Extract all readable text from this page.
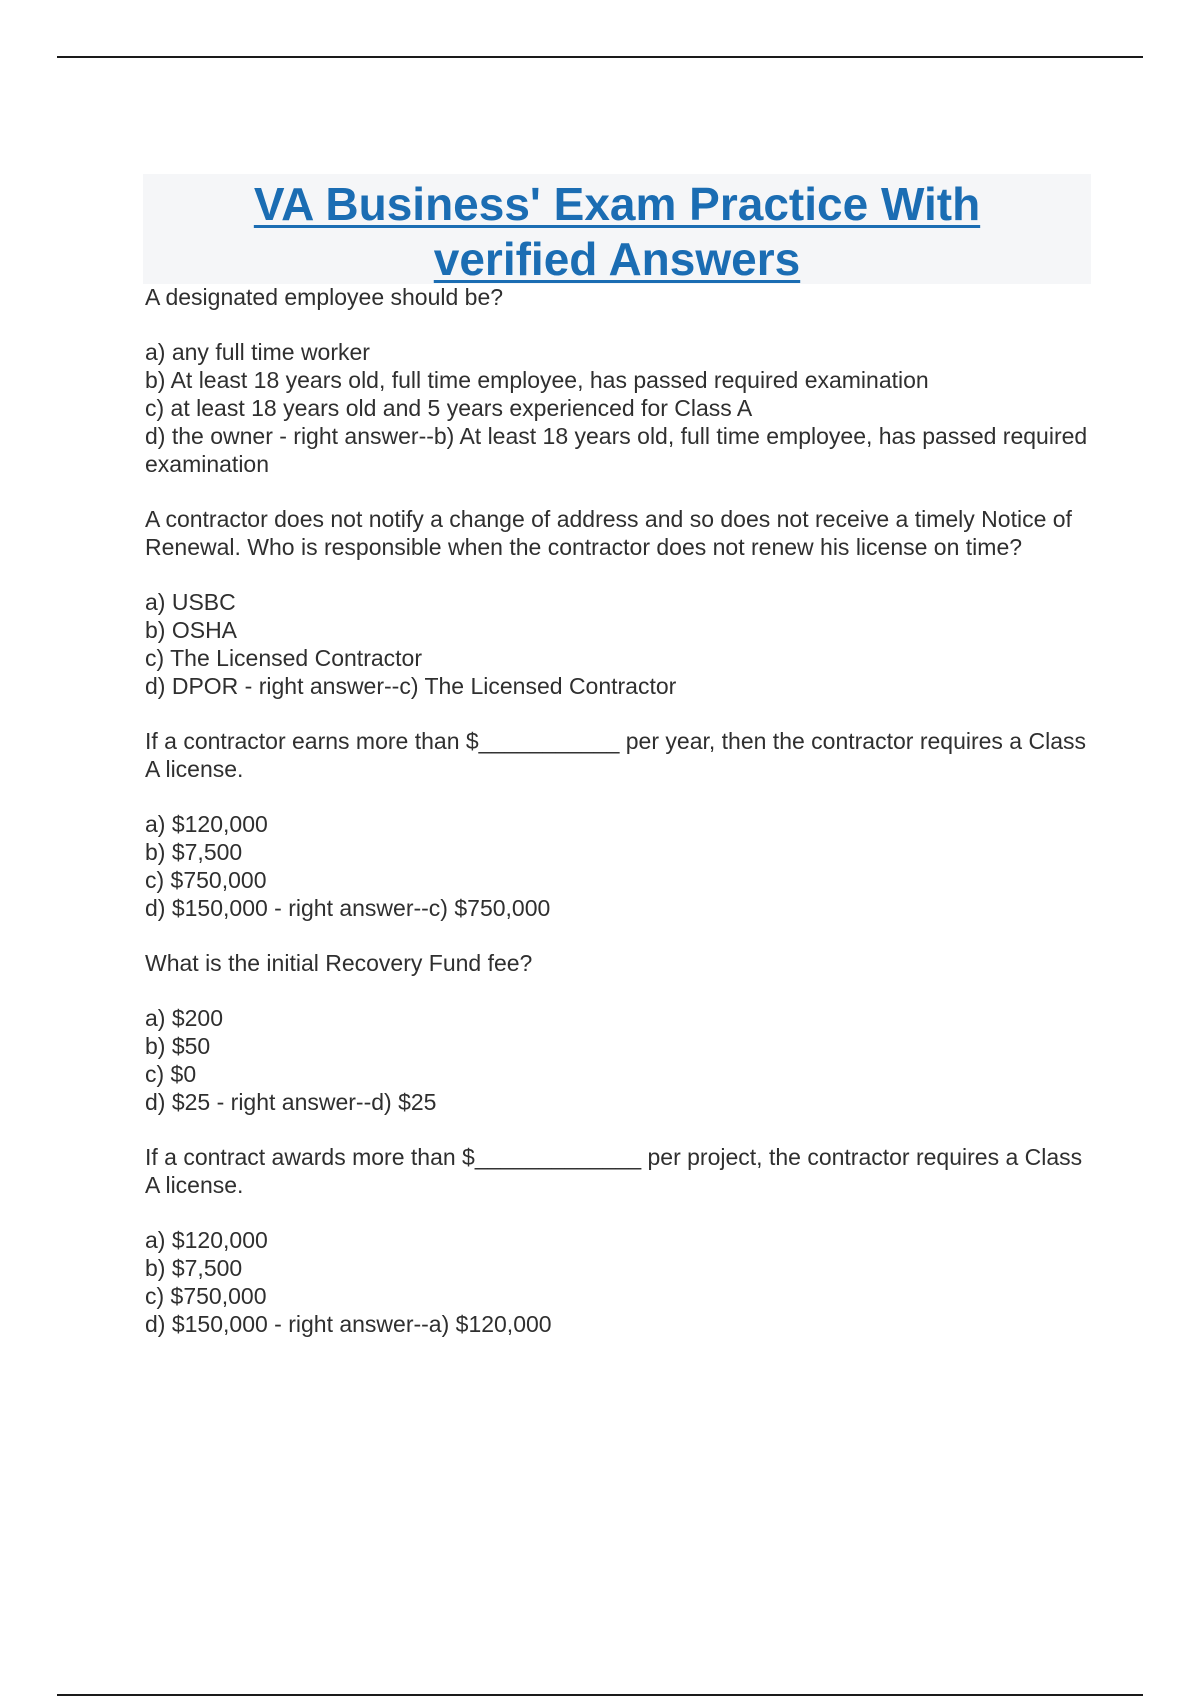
VA Business' Exam Practice With
verified Answers
A designated employee should be?
a) any full time worker
b) At least 18 years old, full time employee, has passed required examination
c) at least 18 years old and 5 years experienced for Class A
d) the owner - right answer--b) At least 18 years old, full time employee, has passed required examination
A contractor does not notify a change of address and so does not receive a timely Notice of Renewal. Who is responsible when the contractor does not renew his license on time?
a) USBC
b) OSHA
c) The Licensed Contractor
d) DPOR - right answer--c) The Licensed Contractor
If a contractor earns more than $___________ per year, then the contractor requires a Class A license.
a) $120,000
b) $7,500
c) $750,000
d) $150,000 - right answer--c) $750,000
What is the initial Recovery Fund fee?
a) $200
b) $50
c) $0
d) $25 - right answer--d) $25
If a contract awards more than $_____________ per project, the contractor requires a Class A license.
a) $120,000
b) $7,500
c) $750,000
d) $150,000 - right answer--a) $120,000
